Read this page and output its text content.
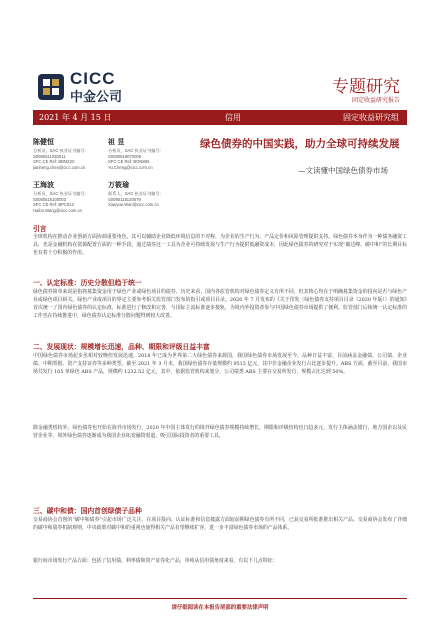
CICC
中金公司
专题研究
固定收益研究报告
2021 年 4 月 15 日	信用	固定收益研究组
陈健恒
分析员，SAC 执业证书编号：
S0080511030011
SFC CE Ref: BBM220
jianheng.chen@cicc.com.cn
祖 昱
分析员，SAC 执业证书编号：
S0080519070005
SFC CE Ref: BON865
Yu.Cheng@cicc.com.cn
王海波
分析员，SAC 执业证书编号：
S0080516100003
SFC CE Ref: BPC512
Haibo.Wang@cicc.com.cn
万筱瑜
联系人，SAC 执业证书编号：
S0080119120079
Xiaoyue.Wan@cicc.com.cn
绿色债券的中国实践，助力全球可持续发展
—文读懂中国绿色债券市场
引言
全球机构在推动企业创新方面协调重要角色。其可以辅助企业降低环境信息的不对称，为企业的生产行为、产品定价和风险管理提供支持。绿色债券本身作为一种债务融资工具，也是金融机构在资源配置方面的一种手段。通过债券这一工具为企业可持续发展与生产行为提供低融资成本，因此绿色债券的研究对于实现“碳达峰、碳中和”的长期目标也有着十分积极的作用。
一、认定标准：历史分散但趋于统一
绿色债券简单来说是指将募集资金用于绿色产业或绿色项目的债券，历史来看，国内各监管机构对绿色债券定义有所不同，但其核心均在于明确募集资金的投向是否与绿色产业或绿色项目相关。绿色产业或项目的界定主要参考相关监管部门发布的指引或项目目录。2020 年 7 月发布的《关于印发〈绿色债券支持项目目录（2020 年版）〉的通知》首次统一了国内绿色债券的认定标准，标准进行了修改和完善，与国际主流标准逐步接轨，为境内外投资者参与中国绿色债券市场提供了便利。监管部门后续统一认定标准的工作也在持续推进中，绿色债券认定标准分散问题得到较大改善。
二、发展现状：规模增长迅速，品种、期限和评级日益丰富
中国绿色债券市场起步虽相对较晚但发展迅速，2018 年已成为世界第二大绿色债券来源国，我国绿色债券市场发展至今，品种日益丰富，目前涵盖金融债、公司债、企业债、中期票据、资产支持证券等多种类型。截至 2021 年 3 月末，我国绿色债券存量规模约 9515 亿元，其中非金融企业发行占比逐步提升。ABS 方面，截至目前，我国市场共发行 105 单绿色 ABS 产品，规模约 1232.52 亿元，其中，依据监管机构来划分，公司债类 ABS 主要在交易所发行，规模占比达到 50%。
除金融类机构外，绿色债券也开始在海外市场发行，2020 年中国主体发行的境外绿色债券规模持续增长，期限和评级结构也日趋多元，发行主体涵盖银行、地方国企以及民营企业等，境外绿色债券逐渐成为我国企业拓宽融资渠道、吸引国际投资者的重要工具。
三、碳中和债：国内首创绿债子品种
交易商协会首创的“碳中和债券”引起市场广泛关注，在项目投向、认证标准和信息披露方面较前期绿色债券有所不同，已获交易所批准推出相关产品。交易商协会发布了详细的碳中和债券机制规则，中央政策对碳中和的重视也使得相关产品有望继续扩容，进一步丰富绿色债券市场的产品体系。
银行间市场发行产品方面：包括了信用债、利率债和资产证券化产品，单纯从信用债角度来看，有以下几点特征：
请仔细阅读在本报告尾部的重要法律声明
